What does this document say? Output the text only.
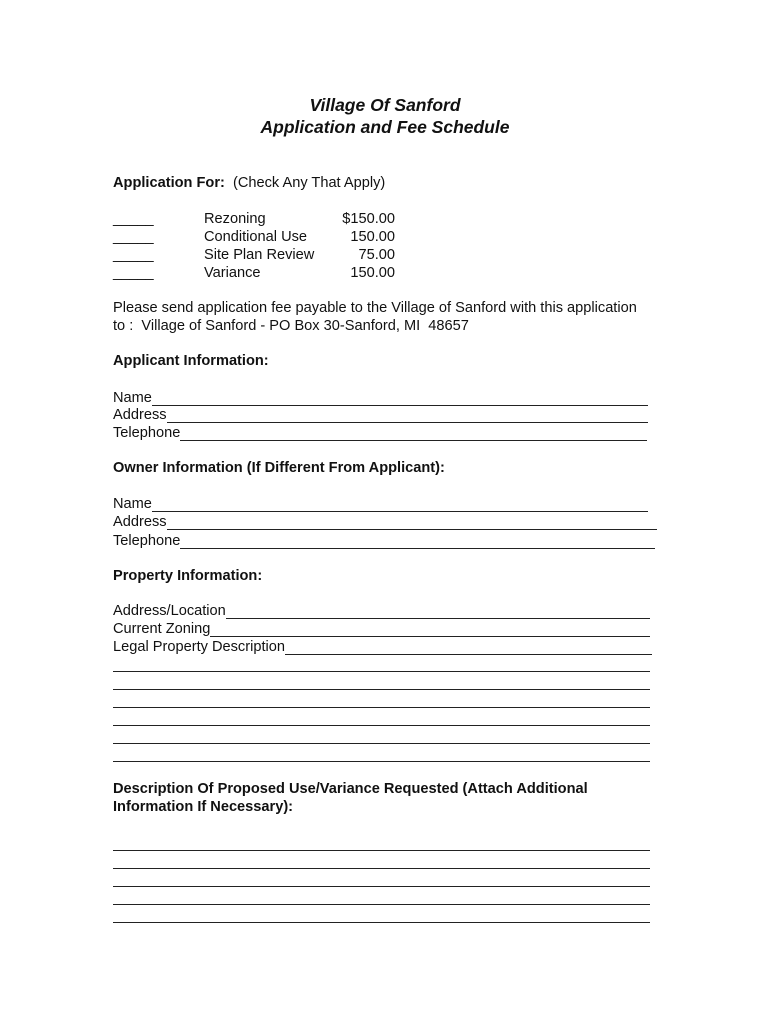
Village Of Sanford
Application and Fee Schedule
Application For: (Check Any That Apply)
_____	Rezoning	$150.00
_____	Conditional Use	150.00
_____	Site Plan Review	75.00
_____	Variance	150.00
Please send application fee payable to the Village of Sanford with this application
to :  Village of Sanford - PO Box 30-Sanford, MI  48657
Applicant Information:
Name
Address
Telephone
Owner Information (If Different From Applicant):
Name
Address
Telephone
Property Information:
Address/Location
Current Zoning
Legal Property Description
Description Of Proposed Use/Variance Requested (Attach Additional
Information If Necessary):
